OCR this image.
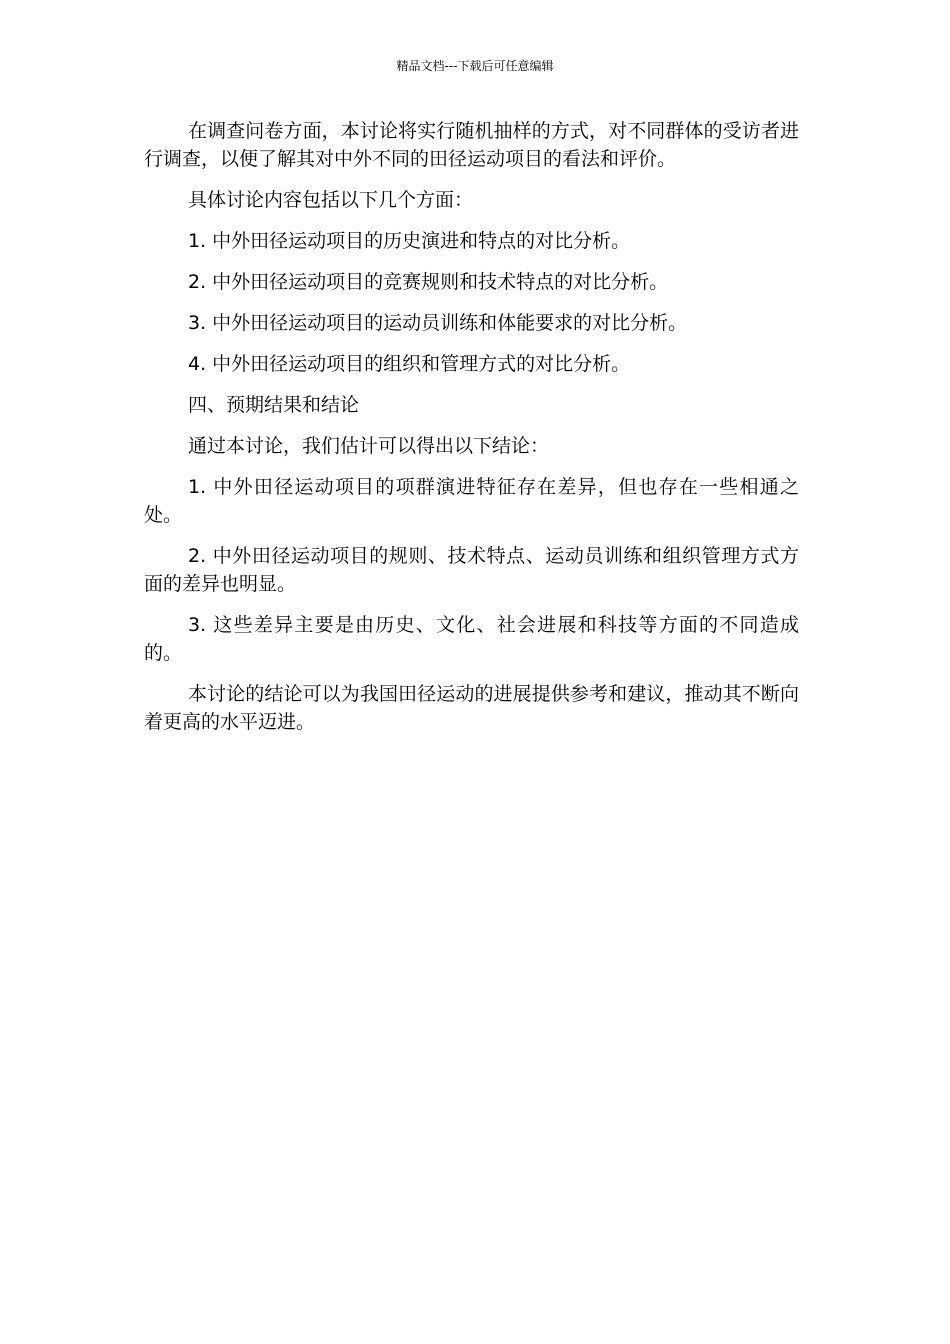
精品文档---下载后可任意编辑

在调查问卷方面，本讨论将实行随机抽样的方式，对不同群体的受访者进行调查，以便了解其对中外不同的田径运动项目的看法和评价。

具体讨论内容包括以下几个方面：

1. 中外田径运动项目的历史演进和特点的对比分析。

2. 中外田径运动项目的竞赛规则和技术特点的对比分析。

3. 中外田径运动项目的运动员训练和体能要求的对比分析。

4. 中外田径运动项目的组织和管理方式的对比分析。

四、预期结果和结论

通过本讨论，我们估计可以得出以下结论：

1. 中外田径运动项目的项群演进特征存在差异，但也存在一些相通之处。

2. 中外田径运动项目的规则、技术特点、运动员训练和组织管理方式方面的差异也明显。

3. 这些差异主要是由历史、文化、社会进展和科技等方面的不同造成的。

本讨论的结论可以为我国田径运动的进展提供参考和建议，推动其不断向着更高的水平迈进。
